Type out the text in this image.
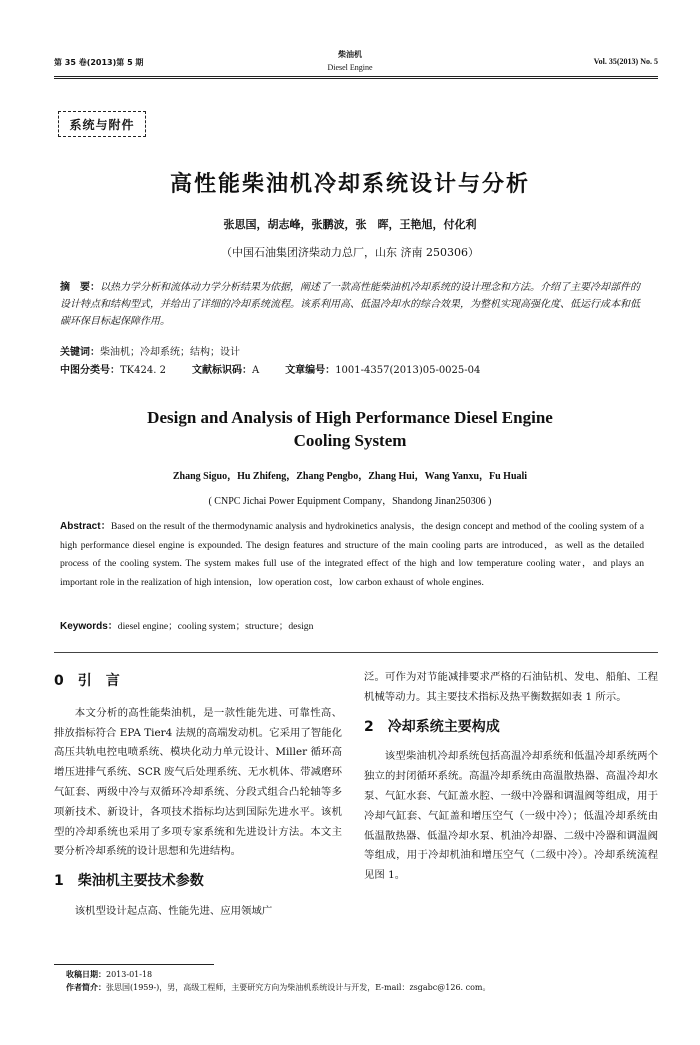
第 35 卷(2013)第 5 期
柴油机
Diesel Engine
Vol. 35(2013) No. 5
系统与附件
高性能柴油机冷却系统设计与分析
张思国，胡志峰，张鹏波，张　晖，王艳旭，付化利
（中国石油集团济柴动力总厂，山东 济南 250306）
摘　要：以热力学分析和流体动力学分析结果为依据，阐述了一款高性能柴油机冷却系统的设计理念和方法。介绍了主要冷却部件的设计特点和结构型式，并给出了详细的冷却系统流程。该系利用高、低温冷却水的综合效果，为整机实现高强化度、低运行成本和低碳环保目标起保障作用。
关键词：柴油机；冷却系统；结构；设计
中图分类号：TK424. 2	文献标识码：A	文章编号：1001-4357(2013)05-0025-04
Design and Analysis of High Performance Diesel Engine
Cooling System
Zhang Siguo，Hu Zhifeng，Zhang Pengbo，Zhang Hui，Wang Yanxu，Fu Huali
( CNPC Jichai Power Equipment Company，Shandong Jinan250306 )
Abstract：Based on the result of the thermodynamic analysis and hydrokinetics analysis，the design concept and method of the cooling system of a high performance diesel engine is expounded. The design features and structure of the main cooling parts are introduced，as well as the detailed process of the cooling system. The system makes full use of the integrated effect of the high and low temperature cooling water，and plays an important role in the realization of high intension，low operation cost，low carbon exhaust of whole engines.
Keywords：diesel engine；cooling system；structure；design
0　引　言

本文分析的高性能柴油机，是一款性能先进、可靠性高、排放指标符合 EPA Tier4 法规的高端发动机。它采用了智能化高压共轨电控电喷系统、模块化动力单元设计、Miller 循环高增压进排气系统、SCR 废气后处理系统、无水机体、带减磨环气缸套、两级中冷与双循环冷却系统、分段式组合凸轮轴等多项新技术、新设计，各项技术指标均达到国际先进水平。该机型的冷却系统也采用了多项专家系统和先进设计方法。本文主要分析冷却系统的设计思想和先进结构。

1　柴油机主要技术参数

该机型设计起点高、性能先进、应用领域广

泛。可作为对节能减排要求严格的石油钻机、发电、船舶、工程机械等动力。其主要技术指标及热平衡数据如表 1 所示。

2　冷却系统主要构成

该型柴油机冷却系统包括高温冷却系统和低温冷却系统两个独立的封闭循环系统。高温冷却系统由高温散热器、高温冷却水泵、气缸水套、气缸盖水腔、一级中冷器和调温阀等组成，用于冷却气缸套、气缸盖和增压空气（一级中冷）；低温冷却系统由低温散热器、低温冷却水泵、机油冷却器、二级中冷器和调温阀等组成，用于冷却机油和增压空气（二级中冷）。冷却系统流程见图 1。

收稿日期：2013-01-18
作者简介：张思国(1959-)，男，高级工程师，主要研究方向为柴油机系统设计与开发，E-mail：zsgabc@126. com。
